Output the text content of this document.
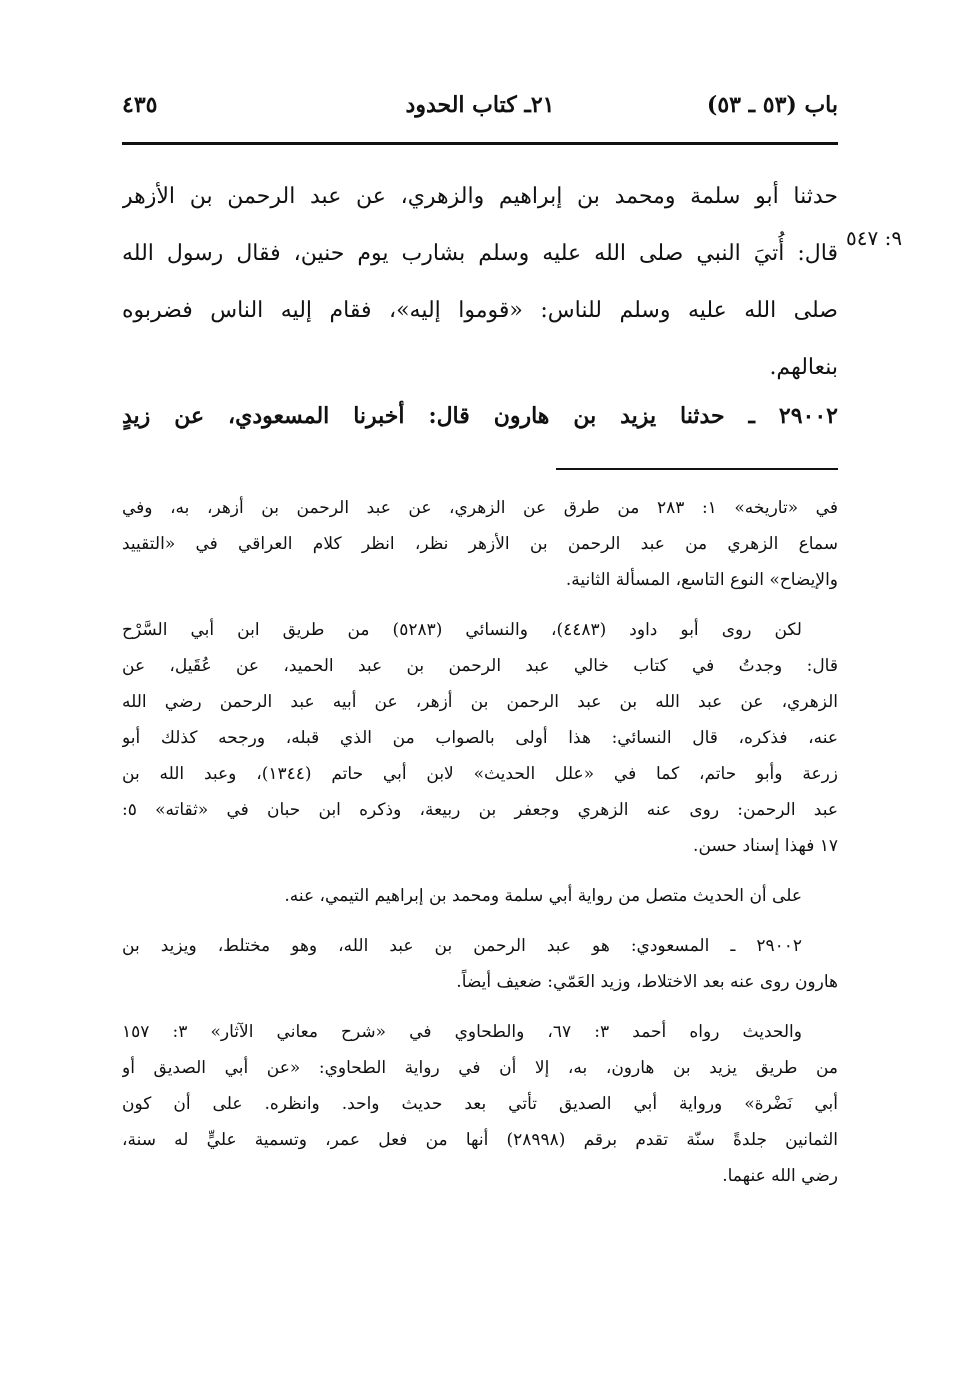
باب (٥٣ ـ ٥٣)
٢١ـ كتاب الحدود
٤٣٥
٩: ٥٤٧
حدثنا أبو سلمة ومحمد بن إبراهيم والزهري، عن عبد الرحمن بن الأزهر
قال: أُتيَ النبي صلى الله عليه وسلم بشارب يوم حنين، فقال رسول الله
صلى الله عليه وسلم للناس: «قوموا إليه»، فقام إليه الناس فضربوه
بنعالهم.
٢٩٠٠٢ ـ حدثنا يزيد بن هارون قال: أخبرنا المسعودي، عن زيدٍ
في «تاريخه» ١: ٢٨٣ من طرق عن الزهري، عن عبد الرحمن بن أزهر، به، وفي
سماع الزهري من عبد الرحمن بن الأزهر نظر، انظر كلام العراقي في «التقييد
والإيضاح» النوع التاسع، المسألة الثانية.
لكن روى أبو داود (٤٤٨٣)، والنسائي (٥٢٨٣) من طريق ابن أبي السَّرْح
قال: وجدتُ في كتاب خالي عبد الرحمن بن عبد الحميد، عن عُقَيل، عن
الزهري، عن عبد الله بن عبد الرحمن بن أزهر، عن أبيه عبد الرحمن رضي الله
عنه، فذكره، قال النسائي: هذا أولى بالصواب من الذي قبله، ورجحه كذلك أبو
زرعة وأبو حاتم، كما في «علل الحديث» لابن أبي حاتم (١٣٤٤)، وعبد الله بن
عبد الرحمن: روى عنه الزهري وجعفر بن ربيعة، وذكره ابن حبان في «ثقاته» ٥:
١٧ فهذا إسناد حسن.
على أن الحديث متصل من رواية أبي سلمة ومحمد بن إبراهيم التيمي، عنه.
٢٩٠٠٢ ـ المسعودي: هو عبد الرحمن بن عبد الله، وهو مختلط، ويزيد بن
هارون روى عنه بعد الاختلاط، وزيد العَمّي: ضعيف أيضاً.
والحديث رواه أحمد ٣: ٦٧، والطحاوي في «شرح معاني الآثار» ٣: ١٥٧
من طريق يزيد بن هارون، به، إلا أن في رواية الطحاوي: «عن أبي الصديق أو
أبي نَضْرة» ورواية أبي الصديق تأتي بعد حديث واحد. وانظره. على أن كون
الثمانين جلدةً سنّة تقدم برقم (٢٨٩٩٨) أنها من فعل عمر، وتسمية عليٍّ له سنة،
رضي الله عنهما.
